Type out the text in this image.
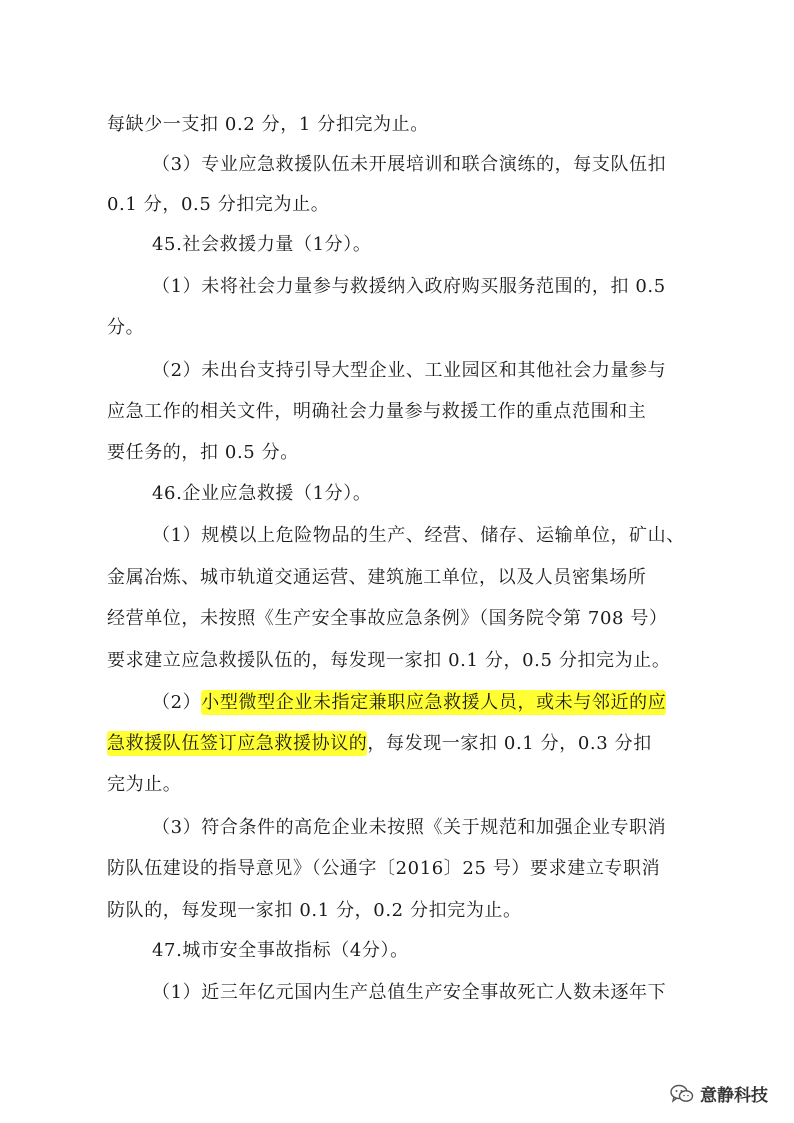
每缺少一支扣 0.2 分，1 分扣完为止。
（3）专业应急救援队伍未开展培训和联合演练的，每支队伍扣
0.1 分，0.5 分扣完为止。
45.社会救援力量（1分）。
（1）未将社会力量参与救援纳入政府购买服务范围的，扣 0.5
分。
（2）未出台支持引导大型企业、工业园区和其他社会力量参与
应急工作的相关文件，明确社会力量参与救援工作的重点范围和主
要任务的，扣 0.5 分。
46.企业应急救援（1分）。
（1）规模以上危险物品的生产、经营、储存、运输单位，矿山、
金属冶炼、城市轨道交通运营、建筑施工单位，以及人员密集场所
经营单位，未按照《生产安全事故应急条例》（国务院令第 708 号）
要求建立应急救援队伍的，每发现一家扣 0.1 分，0.5 分扣完为止。
（2）小型微型企业未指定兼职应急救援人员，或未与邻近的应
急救援队伍签订应急救援协议的，每发现一家扣 0.1 分，0.3 分扣
完为止。
（3）符合条件的高危企业未按照《关于规范和加强企业专职消
防队伍建设的指导意见》（公通字〔2016〕25 号）要求建立专职消
防队的，每发现一家扣 0.1 分，0.2 分扣完为止。
47.城市安全事故指标（4分）。
（1）近三年亿元国内生产总值生产安全事故死亡人数未逐年下
意静科技
